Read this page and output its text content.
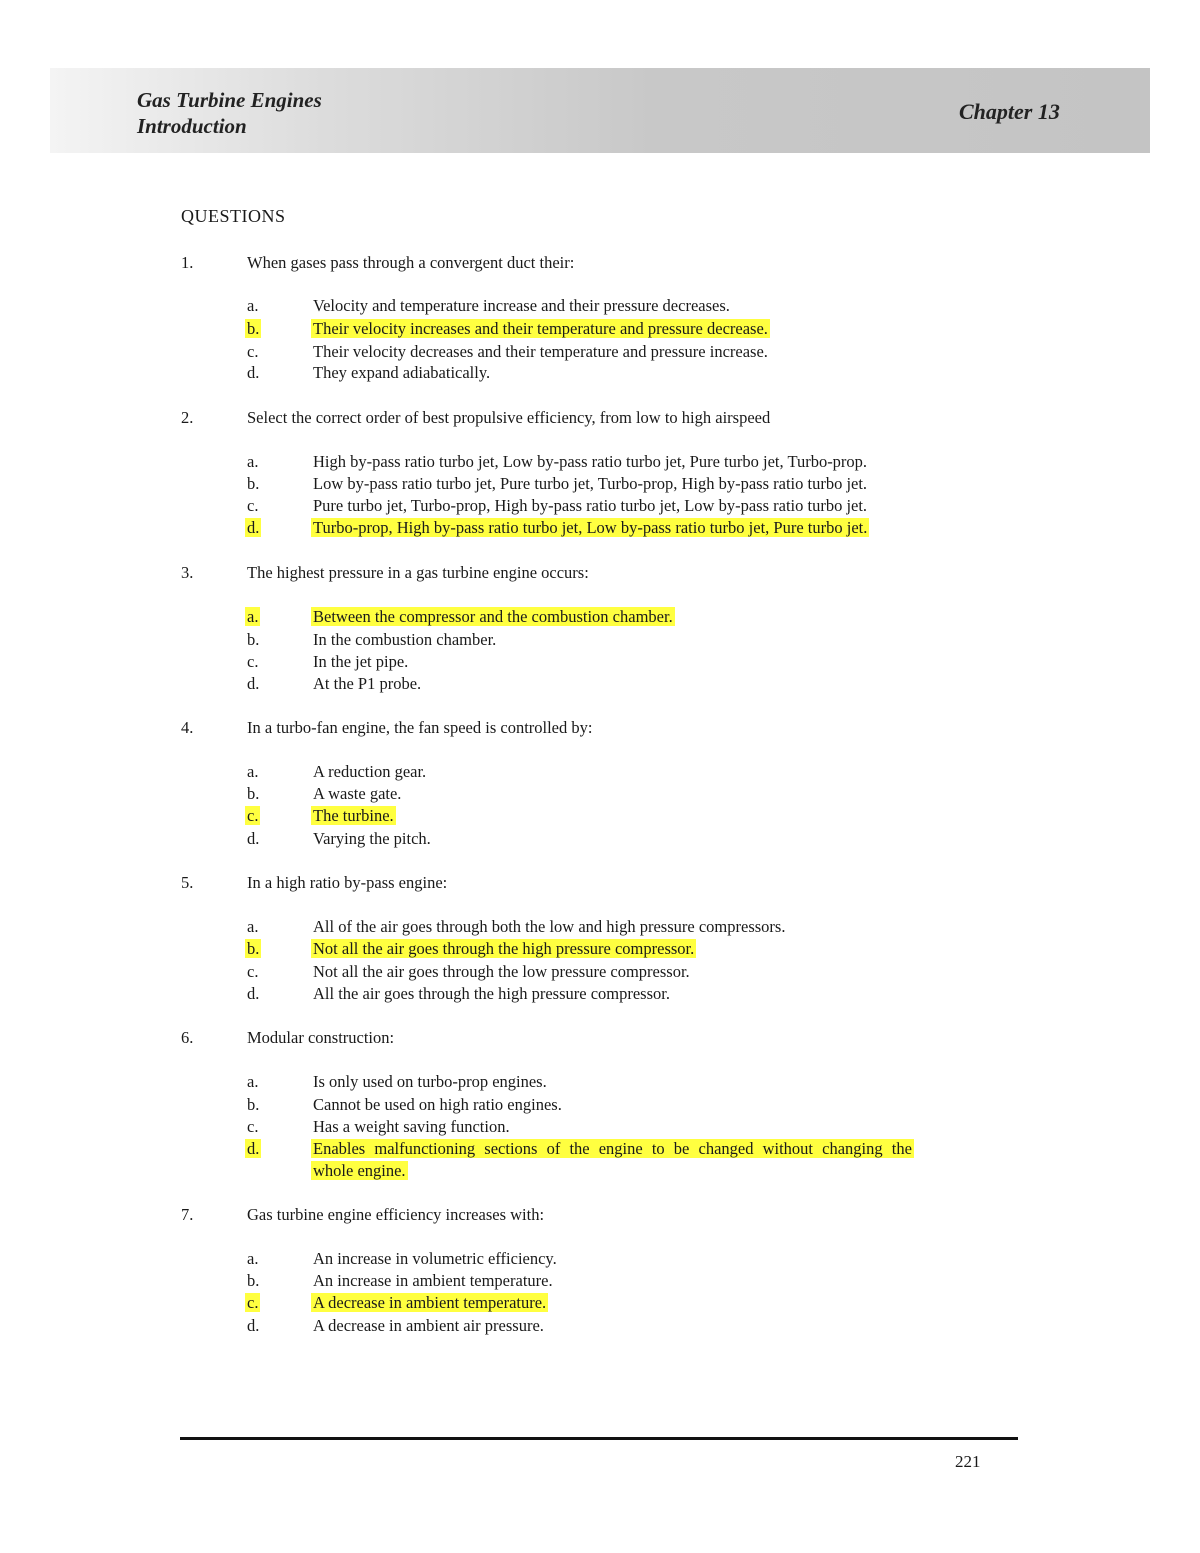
Gas Turbine Engines
Introduction
Chapter 13
QUESTIONS
1.	When gases pass through a convergent duct their:
a.	Velocity and temperature increase and their pressure decreases.
b.	Their velocity increases and their temperature and pressure decrease.
c.	Their velocity decreases and their temperature and pressure increase.
d.	They expand adiabatically.
2.	Select the correct order of best propulsive efficiency, from low to high airspeed
a.	High by-pass ratio turbo jet, Low by-pass ratio turbo jet, Pure turbo jet, Turbo-prop.
b.	Low by-pass ratio turbo jet, Pure turbo jet, Turbo-prop, High by-pass ratio turbo jet.
c.	Pure turbo jet, Turbo-prop, High by-pass ratio turbo jet, Low by-pass ratio turbo jet.
d.	Turbo-prop, High by-pass ratio turbo jet, Low by-pass ratio turbo jet, Pure turbo jet.
3.	The highest pressure in a gas turbine engine occurs:
a.	Between the compressor and the combustion chamber.
b.	In the combustion chamber.
c.	In the jet pipe.
d.	At the P1 probe.
4.	In a turbo-fan engine, the fan speed is controlled by:
a.	A reduction gear.
b.	A waste gate.
c.	The turbine.
d.	Varying the pitch.
5.	In a high ratio by-pass engine:
a.	All of the air goes through both the low and high pressure compressors.
b.	Not all the air goes through the high pressure compressor.
c.	Not all the air goes through the low pressure compressor.
d.	All the air goes through the high pressure compressor.
6.	Modular construction:
a.	Is only used on turbo-prop engines.
b.	Cannot be used on high ratio engines.
c.	Has a weight saving function.
d.	Enables malfunctioning sections of the engine to be changed without changing the
whole engine.
7.	Gas turbine engine efficiency increases with:
a.	An increase in volumetric efficiency.
b.	An increase in ambient temperature.
c.	A decrease in ambient temperature.
d.	A decrease in ambient air pressure.
221
